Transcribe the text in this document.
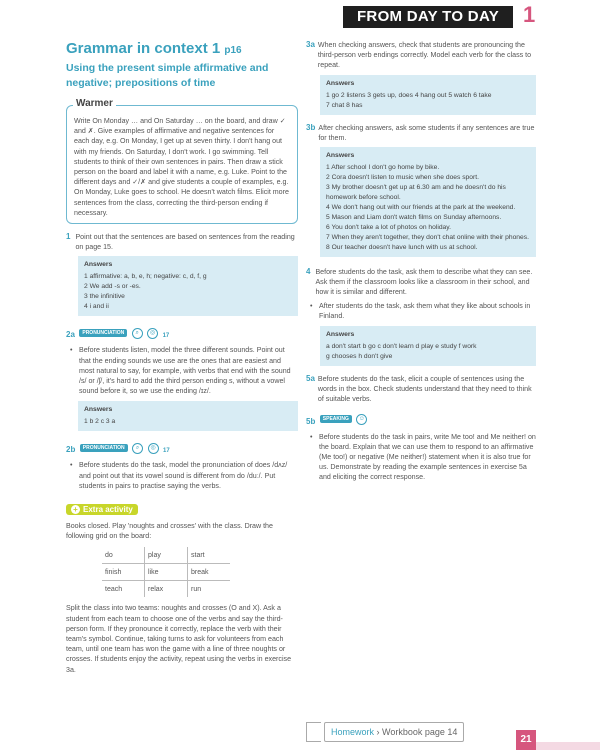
FROM DAY TO DAY	1
Grammar in context 1 p16
Using the present simple affirmative and negative; prepositions of time
Warmer

Write On Monday … and On Saturday … on the board, and draw ✓ and ✗. Give examples of affirmative and negative sentences for each day, e.g. On Monday, I get up at seven thirty. I don't hang out with my friends. On Saturday, I don't work. I go swimming. Tell students to think of their own sentences in pairs. Then draw a stick person on the board and label it with a name, e.g. Luke. Point to the different days and ✓/✗ and give students a couple of examples, e.g. On Monday, Luke goes to school. He doesn't watch films. Elicit more sentences from the class, correcting the third-person ending if necessary.

1 Point out that the sentences are based on sentences from the reading on page 15.

Answers
1 affirmative: a, b, e, h; negative: c, d, f, g
2 We add -s or -es.
3 the infinitive
4 i and ii
2a PRONUNCIATION ⌕ ◎ 17

• Before students listen, model the three different sounds. Point out that the ending sounds we use are the ones that are easiest and most natural to say, for example, with verbs that end with the sound /s/ or /ʃ/, it's hard to add the third person ending s, without a vowel sound before it, so we use the ending /ɪz/.

Answers
1 b 2 c 3 a
2b PRONUNCIATION ⌕ ◎ 17

• Before students do the task, model the pronunciation of does /dʌz/ and point out that its vowel sound is different from do /duː/. Put students in pairs to practise saying the verbs.

+ Extra activity

Books closed. Play 'noughts and crosses' with the class. Draw the following grid on the board:

do	play	start
finish	like	break
teach	relax	run

Split the class into two teams: noughts and crosses (O and X). Ask a student from each team to choose one of the verbs and say the third-person form. If they pronounce it correctly, replace the verb with their team's symbol. Continue, taking turns to ask for volunteers from each team, until one team has won the game with a line of three noughts or crosses. If students enjoy the activity, repeat using the verbs in exercise 3a.

3a When checking answers, check that students are pronouncing the third-person verb endings correctly. Model each verb for the class to repeat.

Answers
1 go 2 listens 3 gets up, does 4 hang out 5 watch 6 take
7 chat 8 has
3b After checking answers, ask some students if any sentences are true for them.

Answers
1 After school I don't go home by bike.
2 Cora doesn't listen to music when she does sport.
3 My brother doesn't get up at 6.30 am and he doesn't do his homework before school.
4 We don't hang out with our friends at the park at the weekend.
5 Mason and Liam don't watch films on Sunday afternoons.
6 You don't take a lot of photos on holiday.
7 When they aren't together, they don't chat online with their phones.
8 Our teacher doesn't have lunch with us at school.
4 Before students do the task, ask them to describe what they can see. Ask them if the classroom looks like a classroom in their school, and how it is similar and different.

• After students do the task, ask them what they like about schools in Finland.

Answers
a don't start b go c don't learn d play e study f work
g chooses h don't give
5a Before students do the task, elicit a couple of sentences using the words in the box. Check students understand that they need to think of suitable verbs.

5b SPEAKING ☺

• Before students do the task in pairs, write Me too! and Me neither! on the board. Explain that we can use them to respond to an affirmative (Me too!) or negative (Me neither!) statement when it is also true for us. Demonstrate by reading the example sentences in exercise 5a and eliciting the correct response.

Homework › Workbook page 14
21
